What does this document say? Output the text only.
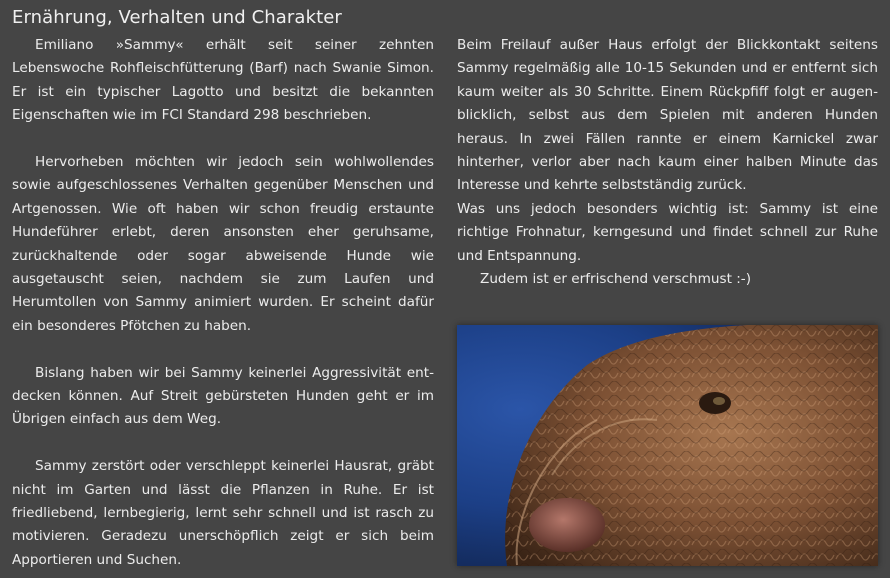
Ernährung, Verhalten und Charakter

Emiliano »Sammy« erhält seit seiner zehnten Lebenswoche Rohfleischfütterung (Barf) nach Swanie Simon. Er ist ein typischer Lagotto und besitzt die bekannten Eigenschaften wie im FCI Standard 298 beschrieben.

Hervorheben möchten wir jedoch sein wohlwollendes sowie aufgeschlossenes Verhalten gegenüber Menschen und Artgenossen. Wie oft haben wir schon freudig erstaunte Hundeführer erlebt, deren ansonsten eher geruhsame, zurückhaltende oder sogar abweisende Hunde wie ausgetauscht seien, nachdem sie zum Laufen und Herumtollen von Sammy animiert wurden. Er scheint dafür ein besonderes Pfötchen zu haben.

Bislang haben wir bei Sammy keinerlei Aggressivität entdecken können. Auf Streit gebürsteten Hunden geht er im Übrigen einfach aus dem Weg.

Sammy zerstört oder verschleppt keinerlei Hausrat, gräbt nicht im Garten und lässt die Pflanzen in Ruhe. Er ist friedliebend, lernbegierig, lernt sehr schnell und ist rasch zu motivieren. Geradezu unerschöpflich zeigt er sich beim Apportieren und Suchen.

Beim Freilauf außer Haus erfolgt der Blickkontakt seitens Sammy regelmäßig alle 10-15 Sekunden und er entfernt sich kaum weiter als 30 Schritte. Einem Rückpfiff folgt er augenblicklich, selbst aus dem Spielen mit anderen Hunden heraus. In zwei Fällen rannte er einem Karnickel zwar hinterher, verlor aber nach kaum einer halben Minute das Interesse und kehrte selbstständig zurück.

Was uns jedoch besonders wichtig ist: Sammy ist eine richtige Frohnatur, kerngesund und findet schnell zur Ruhe und Entspannung.

Zudem ist er erfrischend verschmust :-)
